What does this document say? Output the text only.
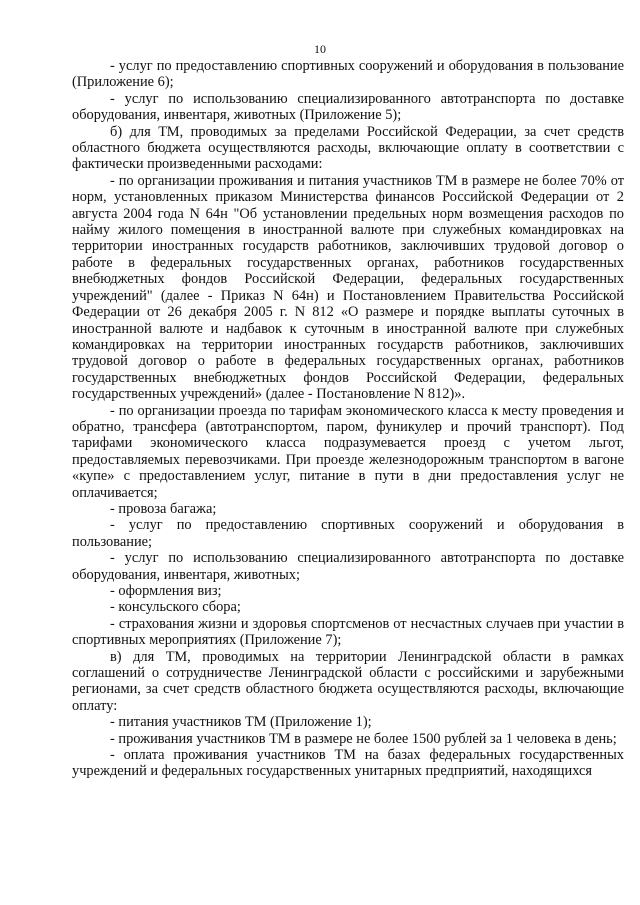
10

- услуг по предоставлению спортивных сооружений и оборудования в пользование (Приложение 6);

- услуг по использованию специализированного автотранспорта по доставке оборудования, инвентаря, животных (Приложение 5);

б) для ТМ, проводимых за пределами Российской Федерации, за счет средств областного бюджета осуществляются расходы, включающие оплату в соответствии с фактически произведенными расходами:

- по организации проживания и питания участников ТМ в размере не более 70% от норм, установленных приказом Министерства финансов Российской Федерации от 2 августа 2004 года N 64н "Об установлении предельных норм возмещения расходов по найму жилого помещения в иностранной валюте при служебных командировках на территории иностранных государств работников, заключивших трудовой договор о работе в федеральных государственных органах, работников государственных внебюджетных фондов Российской Федерации, федеральных государственных учреждений" (далее - Приказ N 64н) и Постановлением Правительства Российской Федерации от 26 декабря 2005 г. N 812 «О размере и порядке выплаты суточных в иностранной валюте и надбавок к суточным в иностранной валюте при служебных командировках на территории иностранных государств работников, заключивших трудовой договор о работе в федеральных государственных органах, работников государственных внебюджетных фондов Российской Федерации, федеральных государственных учреждений» (далее - Постановление N 812)».

- по организации проезда по тарифам экономического класса к месту проведения и обратно, трансфера (автотранспортом, паром, фуникулер и прочий транспорт). Под тарифами экономического класса подразумевается проезд с учетом льгот, предоставляемых перевозчиками. При проезде железнодорожным транспортом в вагоне «купе» с предоставлением услуг, питание в пути в дни предоставления услуг не оплачивается;

- провоза багажа;

- услуг по предоставлению спортивных сооружений и оборудования в пользование;

- услуг по использованию специализированного автотранспорта по доставке оборудования, инвентаря, животных;

- оформления виз;

- консульского сбора;

- страхования жизни и здоровья спортсменов от несчастных случаев при участии в спортивных мероприятиях (Приложение 7);

в) для ТМ, проводимых на территории Ленинградской области в рамках соглашений о сотрудничестве Ленинградской области с российскими и зарубежными регионами, за счет средств областного бюджета осуществляются расходы, включающие оплату:

- питания участников ТМ (Приложение 1);

- проживания участников ТМ в размере не более 1500 рублей за 1 человека в день;

- оплата проживания участников ТМ на базах федеральных государственных учреждений и федеральных государственных унитарных предприятий, находящихся
